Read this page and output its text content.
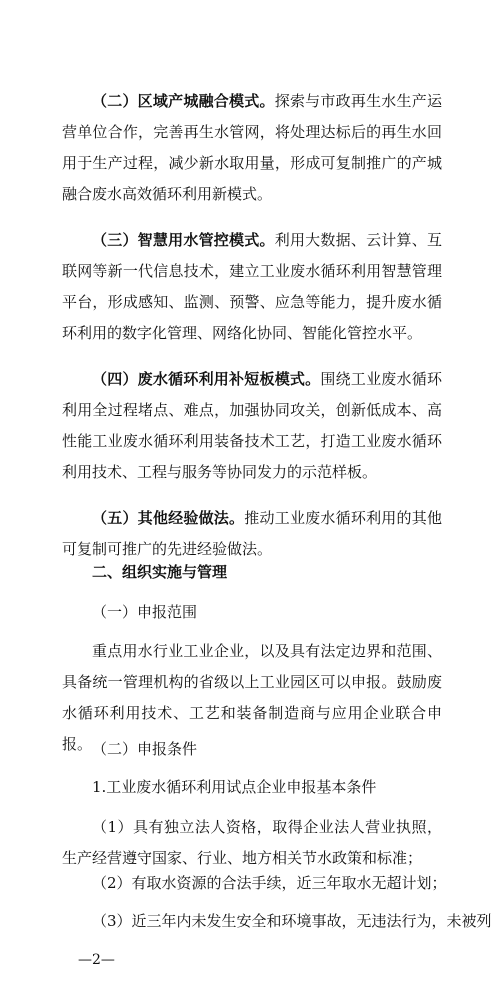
（二）区域产城融合模式。探索与市政再生水生产运营单位合作，完善再生水管网，将处理达标后的再生水回用于生产过程，减少新水取用量，形成可复制推广的产城融合废水高效循环利用新模式。

（三）智慧用水管控模式。利用大数据、云计算、互联网等新一代信息技术，建立工业废水循环利用智慧管理平台，形成感知、监测、预警、应急等能力，提升废水循环利用的数字化管理、网络化协同、智能化管控水平。

（四）废水循环利用补短板模式。围绕工业废水循环利用全过程堵点、难点，加强协同攻关，创新低成本、高性能工业废水循环利用装备技术工艺，打造工业废水循环利用技术、工程与服务等协同发力的示范样板。

（五）其他经验做法。推动工业废水循环利用的其他可复制可推广的先进经验做法。

二、组织实施与管理

（一）申报范围

重点用水行业工业企业，以及具有法定边界和范围、具备统一管理机构的省级以上工业园区可以申报。鼓励废水循环利用技术、工艺和装备制造商与应用企业联合申报。 （二）申报条件

1.工业废水循环利用试点企业申报基本条件

（1）具有独立法人资格，取得企业法人营业执照，生产经营遵守国家、行业、地方相关节水政策和标准；

（2）有取水资源的合法手续，近三年取水无超计划；

（3）近三年内未发生安全和环境事故，无违法行为，未被列

—2—
